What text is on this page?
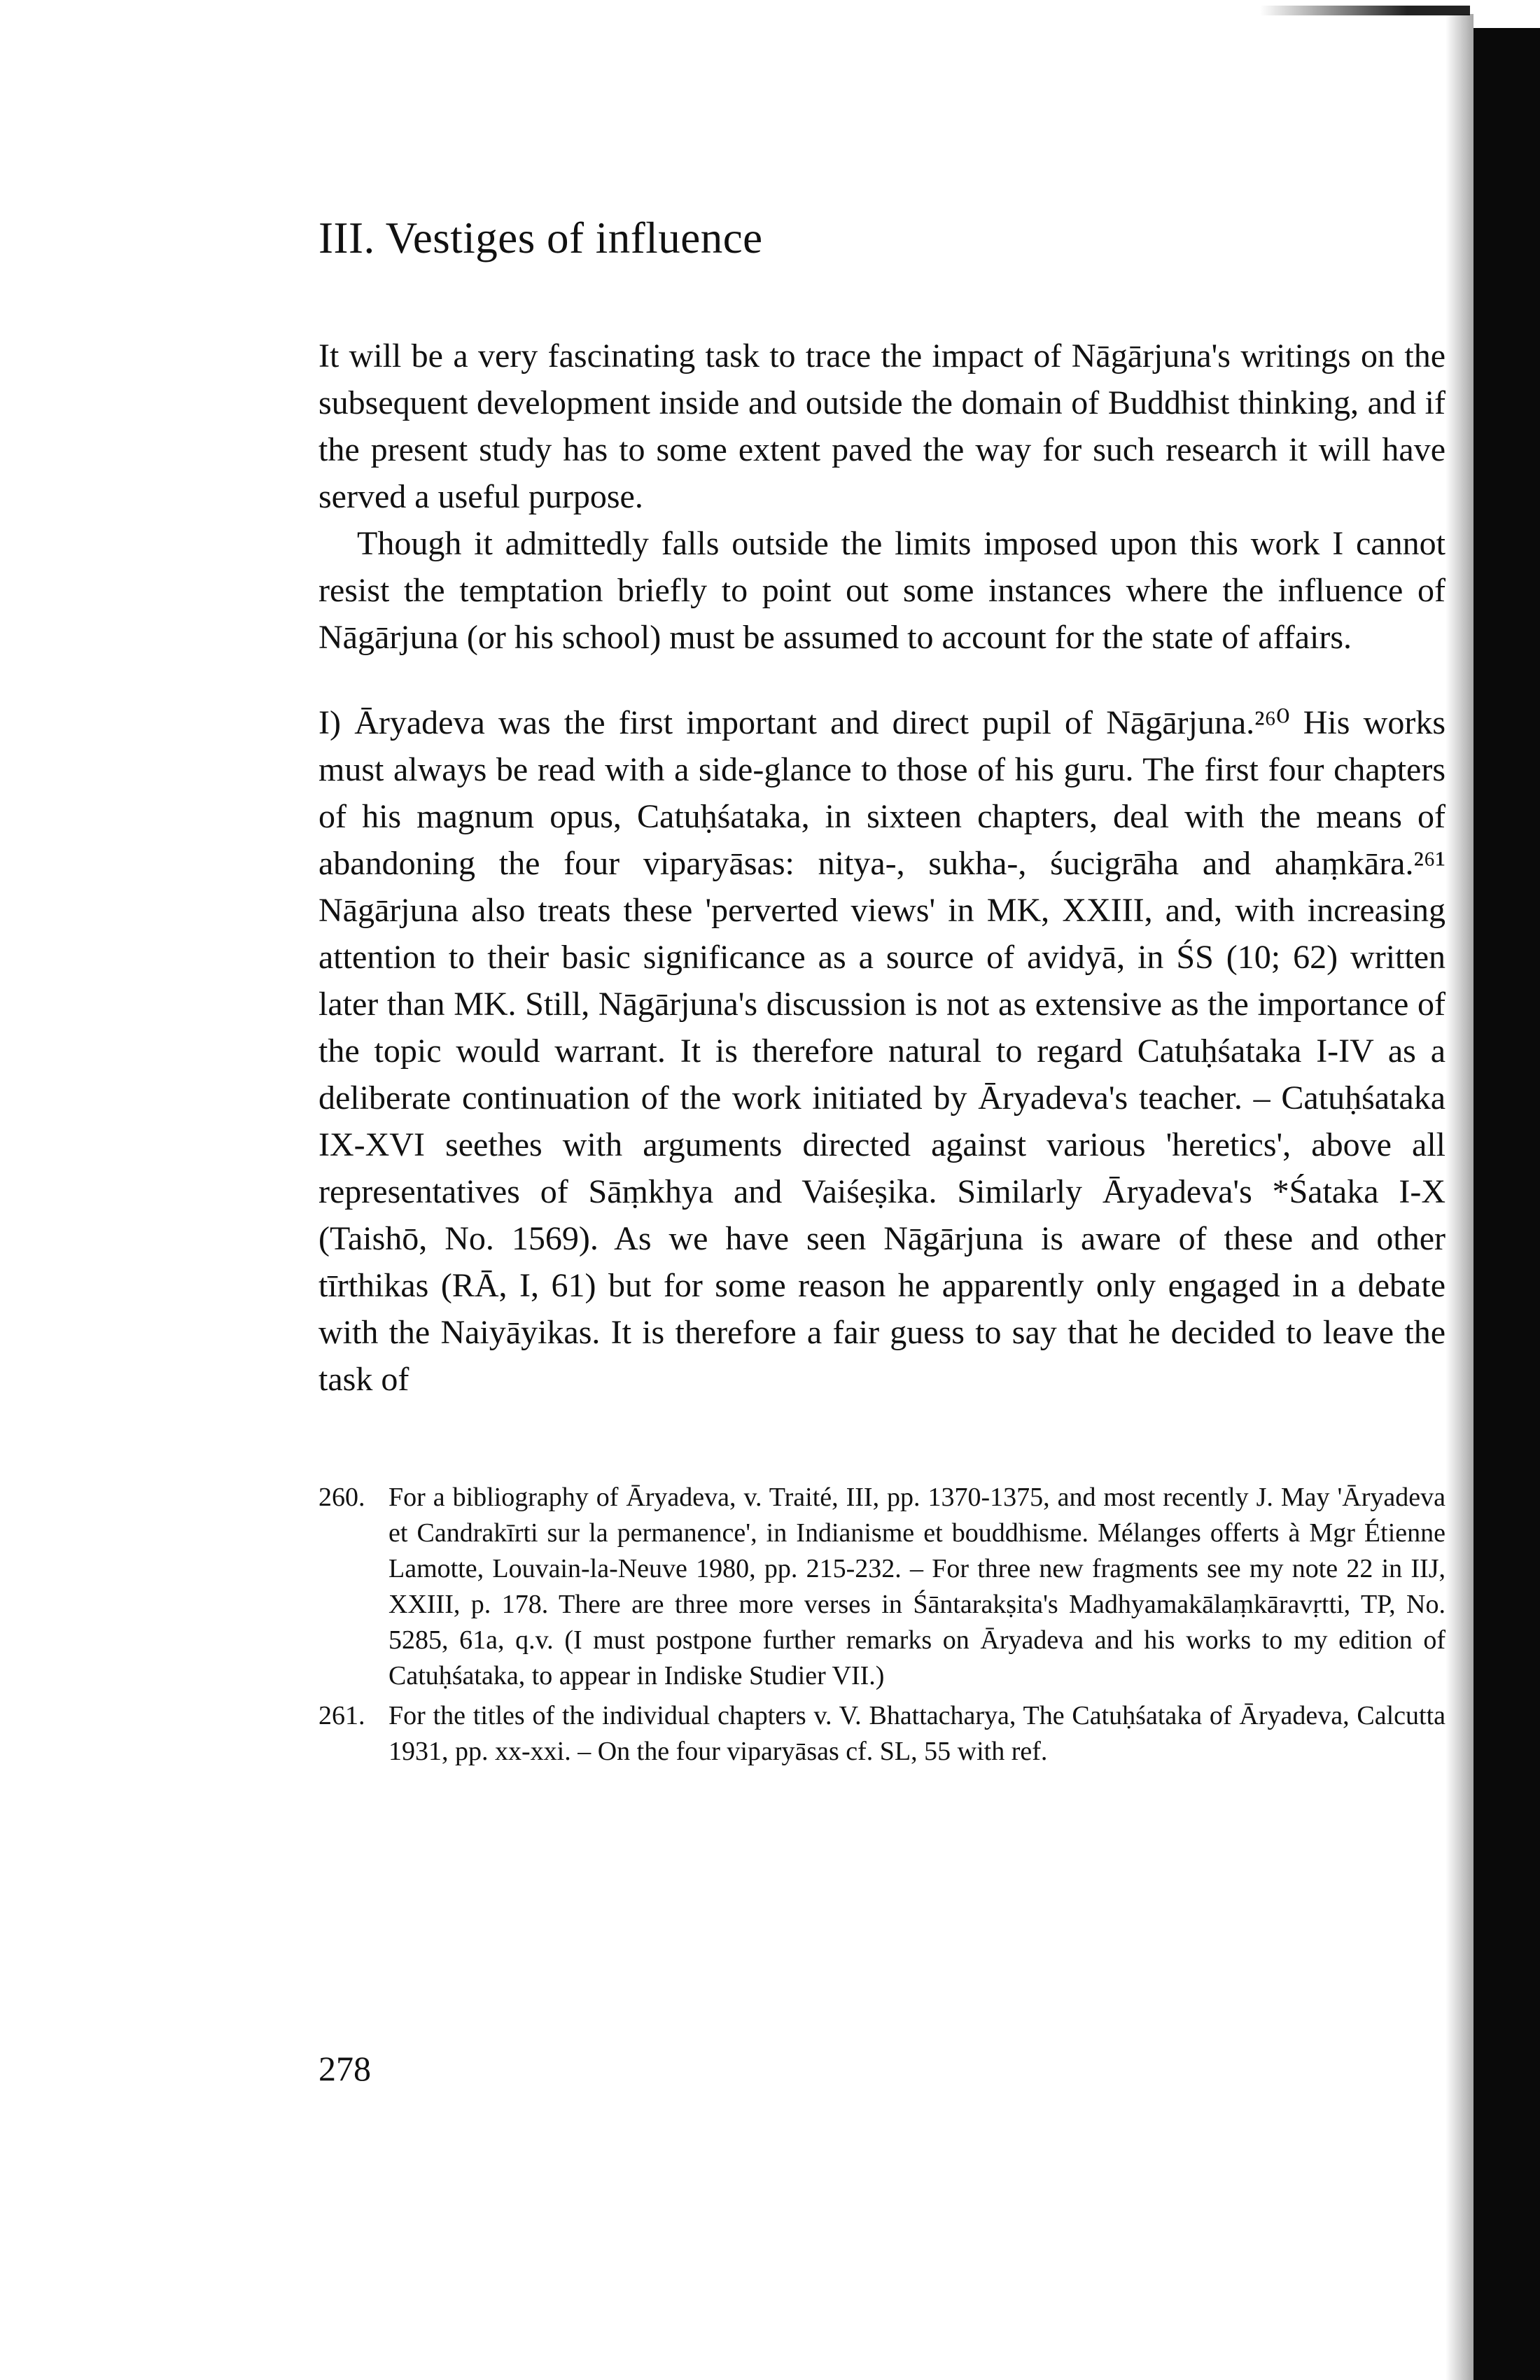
III. Vestiges of influence

It will be a very fascinating task to trace the impact of Nāgārjuna's writings on the subsequent development inside and outside the domain of Buddhist thinking, and if the present study has to some extent paved the way for such research it will have served a useful purpose.

Though it admittedly falls outside the limits imposed upon this work I cannot resist the temptation briefly to point out some instances where the influence of Nāgārjuna (or his school) must be assumed to account for the state of affairs.

I) Āryadeva was the first important and direct pupil of Nāgārjuna.²⁶⁰ His works must always be read with a side-glance to those of his guru. The first four chapters of his magnum opus, Catuḥśataka, in sixteen chapters, deal with the means of abandoning the four viparyāsas: nitya-, sukha-, śucigrāha and ahaṃkāra.²⁶¹ Nāgārjuna also treats these 'perverted views' in MK, XXIII, and, with increasing attention to their basic significance as a source of avidyā, in ŚS (10; 62) written later than MK. Still, Nāgārjuna's discussion is not as extensive as the importance of the topic would warrant. It is therefore natural to regard Catuḥśataka I-IV as a deliberate continuation of the work initiated by Āryadeva's teacher. – Catuḥśataka IX-XVI seethes with arguments directed against various 'heretics', above all representatives of Sāṃkhya and Vaiśeṣika. Similarly Āryadeva's *Śataka I-X (Taishō, No. 1569). As we have seen Nāgārjuna is aware of these and other tīrthikas (RĀ, I, 61) but for some reason he apparently only engaged in a debate with the Naiyāyikas. It is therefore a fair guess to say that he decided to leave the task of

260. For a bibliography of Āryadeva, v. Traité, III, pp. 1370-1375, and most recently J. May 'Āryadeva et Candrakīrti sur la permanence', in Indianisme et bouddhisme. Mélanges offerts à Mgr Étienne Lamotte, Louvain-la-Neuve 1980, pp. 215-232. – For three new fragments see my note 22 in IIJ, XXIII, p. 178. There are three more verses in Śāntarakṣita's Madhyamakālaṃkāravṛtti, TP, No. 5285, 61a, q.v. (I must postpone further remarks on Āryadeva and his works to my edition of Catuḥśataka, to appear in Indiske Studier VII.)
261. For the titles of the individual chapters v. V. Bhattacharya, The Catuḥśataka of Āryadeva, Calcutta 1931, pp. xx-xxi. – On the four viparyāsas cf. SL, 55 with ref.
278
